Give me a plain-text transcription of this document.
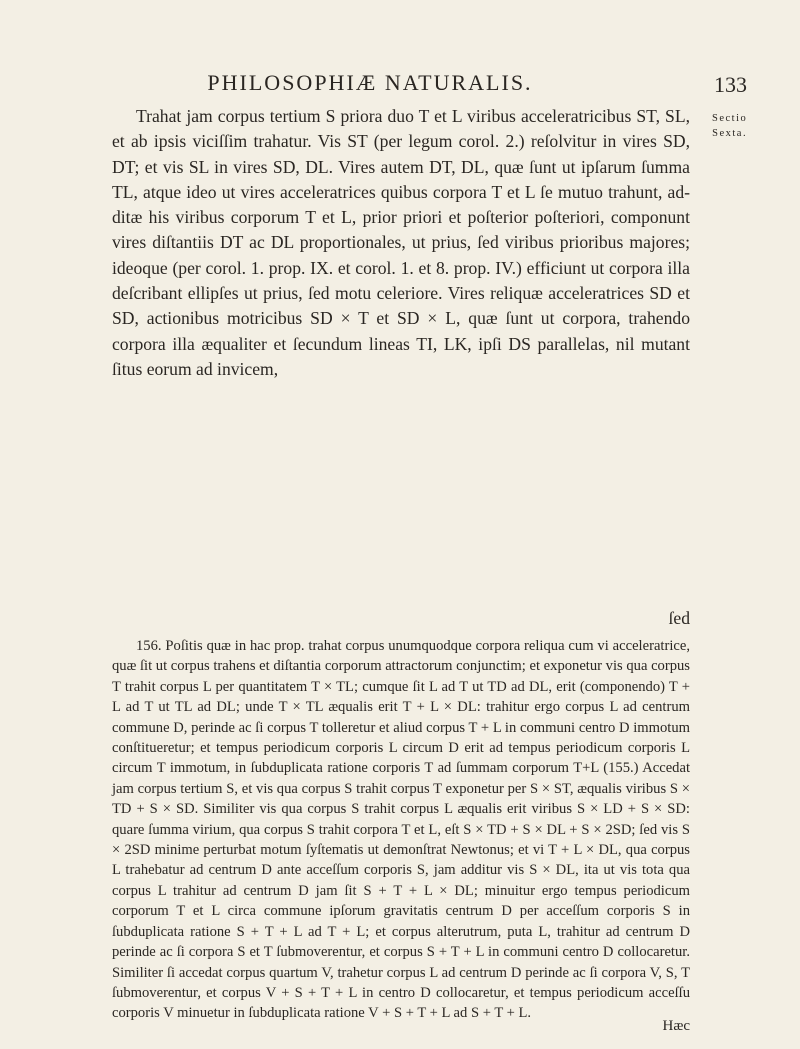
PHILOSOPHIÆ NATURALIS.	133
Sectio
Sexta.

Trahat jam corpus tertium S priora duo T et L viribus acceleratricibus ST, SL, et ab ipsis viciſſim trahatur. Vis ST (per legum corol. 2.) reſolvitur in vires SD, DT; et vis SL in vires SD, DL. Vires autem DT, DL, quæ ſunt ut ipſarum ſumma TL, atque ideo ut vires acceleratrices quibus corpora T et L ſe mutuo trahunt, additæ his viribus corporum T et L, prior priori et poſterior poſteriori, componunt vires diſtantiis DT ac DL proportionales, ut prius, ſed viribus prioribus majores; ideoque (per corol. 1. prop. IX. et corol. 1. et 8. prop. IV.) efficiunt ut corpora illa deſcribant ellipſes ut prius, ſed motu celeriore. Vires reliquæ acceleratrices SD et SD, actionibus motricibus SD × T et SD × L, quæ ſunt ut corpora, trahendo corpora illa æqualiter et ſecundum lineas TI, LK, ipſi DS parallelas, nil mutant ſitus eorum ad invicem,

ſed

156. Poſitis quæ in hac prop. trahat corpus unumquodque corpora reliqua cum vi acceleratrice, quæ ſit ut corpus trahens et diſtantia corporum attractorum conjunctim; et exponetur vis qua corpus T trahit corpus L per quantitatem T × TL; cumque ſit L ad T ut TD ad DL, erit (componendo) T + L ad T ut TL ad DL; unde T × TL æqualis erit T + L × DL: trahitur ergo corpus L ad centrum commune D, perinde ac ſi corpus T tolleretur et aliud corpus T + L in communi centro D immotum conſtitueretur; et tempus periodicum corporis L circum D erit ad tempus periodicum corporis L circum T immotum, in ſubduplicata ratione corporis T ad ſummam corporum T+L (155.) Accedat jam corpus tertium S, et vis qua corpus S trahit corpus T exponetur per S × ST, æqualis viribus S × TD + S × SD. Similiter vis qua corpus S trahit corpus L æqualis erit viribus S × LD + S × SD: quare ſumma virium, qua corpus S trahit corpora T et L, eſt S × TD + S × DL + S × 2SD; ſed vis S × 2SD minime perturbat motum ſyſtematis ut demonſtrat Newtonus; et vi T + L × DL, qua corpus L trahebatur ad centrum D ante acceſſum corporis S, jam additur vis S × DL, ita ut vis tota qua corpus L trahitur ad centrum D jam ſit S + T + L × DL; minuitur ergo tempus periodicum corporum T et L circa commune ipſorum gravitatis centrum D per acceſſum corporis S in ſubduplicata ratione S + T + L ad T + L; et corpus alterutrum, puta L, trahitur ad centrum D perinde ac ſi corpora S et T ſubmoverentur, et corpus S + T + L in communi centro D collocaretur. Similiter ſi accedat corpus quartum V, trahetur corpus L ad centrum D perinde ac ſi corpora V, S, T ſubmoverentur, et corpus V + S + T + L in centro D collocaretur, et tempus periodicum acceſſu corporis V minuetur in ſubduplicata ratione V + S + T + L ad S + T + L.

Hæc
